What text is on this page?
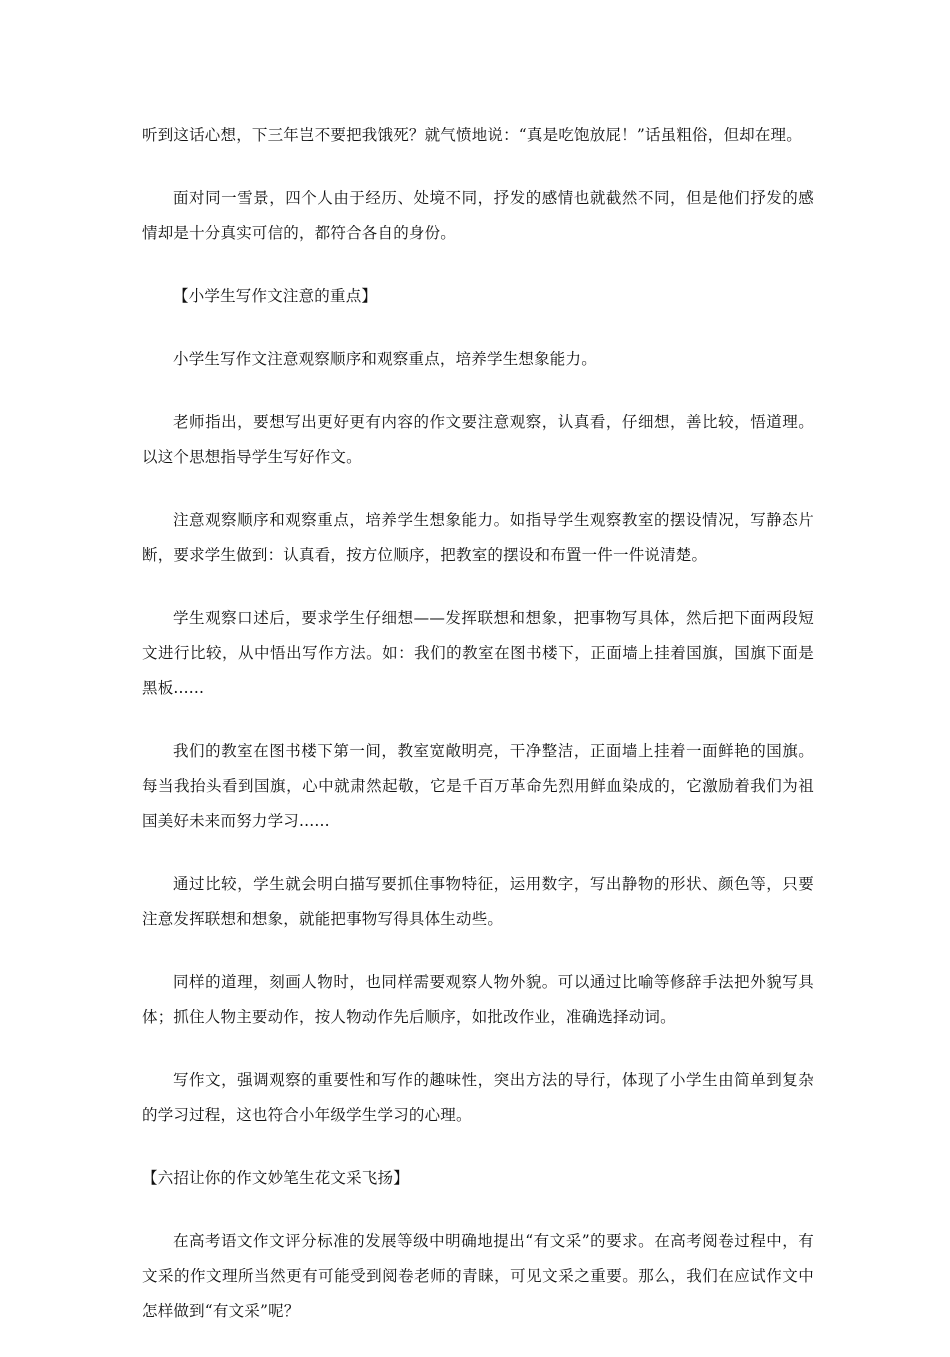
听到这话心想，下三年岂不要把我饿死？就气愤地说：“真是吃饱放屁！”话虽粗俗，但却在理。

面对同一雪景，四个人由于经历、处境不同，抒发的感情也就截然不同，但是他们抒发的感情却是十分真实可信的，都符合各自的身份。

【小学生写作文注意的重点】

小学生写作文注意观察顺序和观察重点，培养学生想象能力。

老师指出，要想写出更好更有内容的作文要注意观察，认真看，仔细想，善比较，悟道理。以这个思想指导学生写好作文。

注意观察顺序和观察重点，培养学生想象能力。如指导学生观察教室的摆设情况，写静态片断，要求学生做到：认真看，按方位顺序，把教室的摆设和布置一件一件说清楚。

学生观察口述后，要求学生仔细想——发挥联想和想象，把事物写具体，然后把下面两段短文进行比较，从中悟出写作方法。如：我们的教室在图书楼下，正面墙上挂着国旗，国旗下面是黑板......

我们的教室在图书楼下第一间，教室宽敞明亮，干净整洁，正面墙上挂着一面鲜艳的国旗。每当我抬头看到国旗，心中就肃然起敬，它是千百万革命先烈用鲜血染成的，它激励着我们为祖国美好未来而努力学习......

通过比较，学生就会明白描写要抓住事物特征，运用数字，写出静物的形状、颜色等，只要注意发挥联想和想象，就能把事物写得具体生动些。

同样的道理，刻画人物时，也同样需要观察人物外貌。可以通过比喻等修辞手法把外貌写具体；抓住人物主要动作，按人物动作先后顺序，如批改作业，准确选择动词。

写作文，强调观察的重要性和写作的趣味性，突出方法的导行，体现了小学生由简单到复杂的学习过程，这也符合小年级学生学习的心理。

【六招让你的作文妙笔生花文采飞扬】

在高考语文作文评分标准的发展等级中明确地提出“有文采”的要求。在高考阅卷过程中，有文采的作文理所当然更有可能受到阅卷老师的青睐，可见文采之重要。那么，我们在应试作文中怎样做到“有文采”呢？
